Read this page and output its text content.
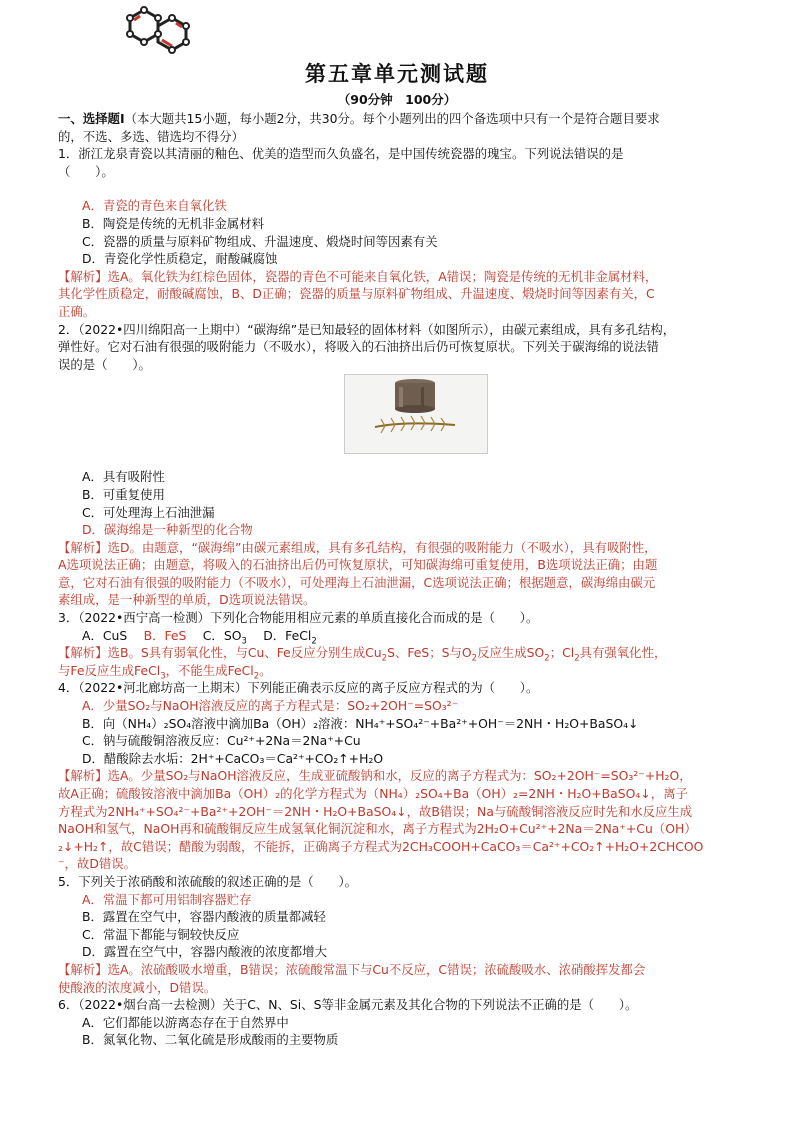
第五章单元测试题
（90分钟　100分）

一、选择题Ⅰ（本大题共15小题，每小题2分，共30分。每个小题列出的四个备选项中只有一个是符合题目要求

的，不选、多选、错选均不得分）

1．浙江龙泉青瓷以其清丽的釉色、优美的造型而久负盛名，是中国传统瓷器的瑰宝。下列说法错误的是

（　　）。

A．青瓷的青色来自氧化铁

B．陶瓷是传统的无机非金属材料

C．瓷器的质量与原料矿物组成、升温速度、煅烧时间等因素有关

D．青瓷化学性质稳定，耐酸碱腐蚀

【解析】选A。氧化铁为红棕色固体，瓷器的青色不可能来自氧化铁，A错误；陶瓷是传统的无机非金属材料，

其化学性质稳定，耐酸碱腐蚀，B、D正确；瓷器的质量与原料矿物组成、升温速度、煅烧时间等因素有关，C

正确。

2．（2022•四川绵阳高一上期中）“碳海绵”是已知最轻的固体材料（如图所示），由碳元素组成，具有多孔结构，

弹性好。它对石油有很强的吸附能力（不吸水），将吸入的石油挤出后仍可恢复原状。下列关于碳海绵的说法错

误的是（　　）。

A．具有吸附性

B．可重复使用

C．可处理海上石油泄漏

D．碳海绵是一种新型的化合物

【解析】选D。由题意，“碳海绵”由碳元素组成，具有多孔结构，有很强的吸附能力（不吸水），具有吸附性，

A选项说法正确；由题意，将吸入的石油挤出后仍可恢复原状，可知碳海绵可重复使用，B选项说法正确；由题

意，它对石油有很强的吸附能力（不吸水），可处理海上石油泄漏，C选项说法正确；根据题意，碳海绵由碳元

素组成，是一种新型的单质，D选项说法错误。

3．（2022•西宁高一检测）下列化合物能用相应元素的单质直接化合而成的是（　　）。

A．CuS　 B．FeS　 C．$SO_3$　 D．FeCl$_2$

【解析】选B。S具有弱氧化性，与Cu、Fe反应分别生成$Cu_2S$、FeS；S与$O_2$反应生成$SO_2$；$Cl_2$具有强氧化性，

与Fe反应生成FeCl$_3$，不能生成FeCl$_2$。

4．（2022•河北廊坊高一上期末）下列能正确表示反应的离子反应方程式的为（　　）。

A．少量SO₂与NaOH溶液反应的离子方程式是：SO₂+2OH⁻=SO₃²⁻

B．向（NH₄）₂SO₄溶液中滴加Ba（OH）₂溶液：NH₄⁺+SO₄²⁻+Ba²⁺+OH⁻＝2NH・H₂O+BaSO₄↓

C．钠与硫酸铜溶液反应：Cu²⁺+2Na＝2Na⁺+Cu

D．醋酸除去水垢：2H⁺+CaCO₃＝Ca²⁺+CO₂↑+H₂O

【解析】选A。少量SO₂与NaOH溶液反应，生成亚硫酸钠和水，反应的离子方程式为：SO₂+2OH⁻=SO₃²⁻+H₂O，

故A正确；硫酸铵溶液中滴加Ba（OH）₂的化学方程式为（NH₄）₂SO₄+Ba（OH）₂=2NH・H₂O+BaSO₄↓，离子

方程式为2NH₄⁺+SO₄²⁻+Ba²⁺+2OH⁻＝2NH・H₂O+BaSO₄↓，故B错误；Na与硫酸铜溶液反应时先和水反应生成

NaOH和氢气，NaOH再和硫酸铜反应生成氢氧化铜沉淀和水，离子方程式为2H₂O+Cu²⁺+2Na＝2Na⁺+Cu（OH）

₂↓+H₂↑，故C错误；醋酸为弱酸，不能拆，正确离子方程式为2CH₃COOH+CaCO₃＝Ca²⁺+CO₂↑+H₂O+2CHCOO

⁻，故D错误。

5．下列关于浓硝酸和浓硫酸的叙述正确的是（　　）。

A．常温下都可用铝制容器贮存

B．露置在空气中，容器内酸液的质量都减轻

C．常温下都能与铜较快反应

D．露置在空气中，容器内酸液的浓度都增大

【解析】选A。浓硫酸吸水增重，B错误；浓硫酸常温下与Cu不反应，C错误；浓硫酸吸水、浓硝酸挥发都会

使酸液的浓度减小，D错误。

6．（2022•烟台高一去检测）关于C、N、Si、S等非金属元素及其化合物的下列说法不正确的是（　　）。

A．它们都能以游离态存在于自然界中

B．氮氧化物、二氧化硫是形成酸雨的主要物质
